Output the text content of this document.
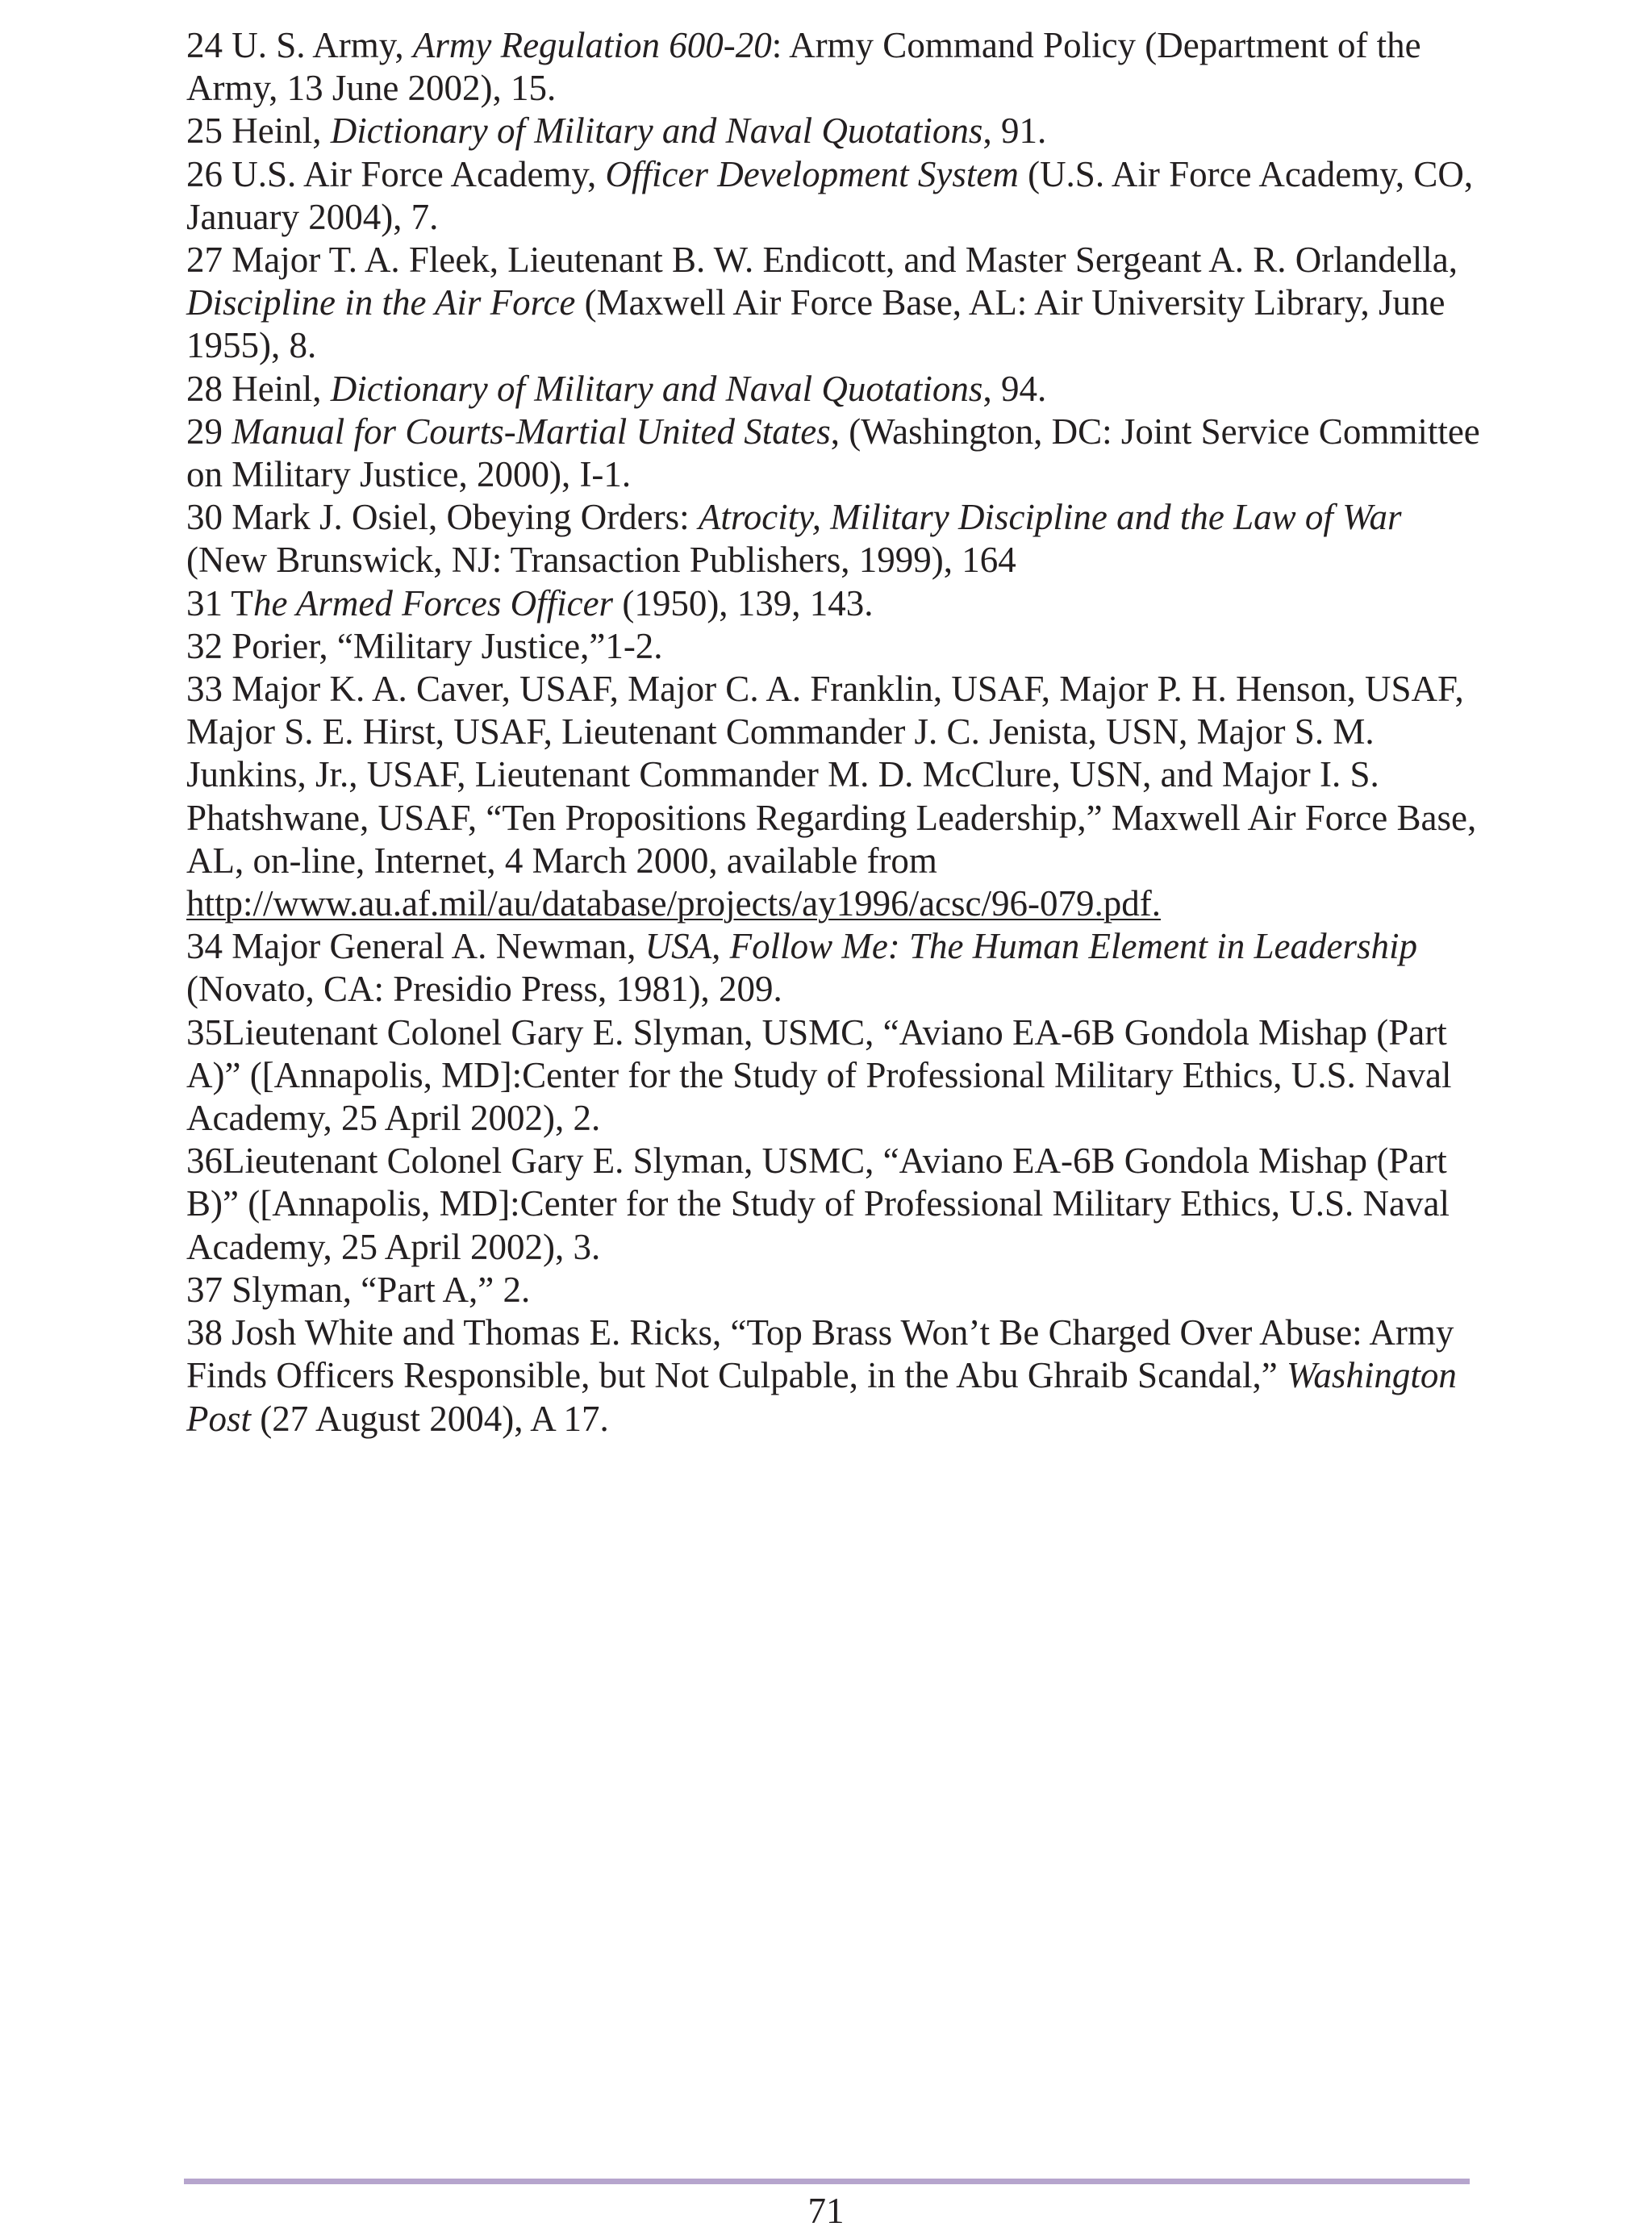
24 U. S. Army, Army Regulation 600-20: Army Command Policy (Department of the Army, 13 June 2002), 15.

25 Heinl, Dictionary of Military and Naval Quotations, 91.

26 U.S. Air Force Academy, Officer Development System (U.S. Air Force Academy, CO, January 2004), 7.

27 Major T. A. Fleek, Lieutenant B. W. Endicott, and Master Sergeant A. R. Orlandella, Discipline in the Air Force (Maxwell Air Force Base, AL: Air University Library, June 1955), 8.

28 Heinl, Dictionary of Military and Naval Quotations, 94.

29 Manual for Courts-Martial United States, (Washington, DC: Joint Service Committee on Military Justice, 2000), I-1.

30 Mark J. Osiel, Obeying Orders: Atrocity, Military Discipline and the Law of War (New Brunswick, NJ: Transaction Publishers, 1999), 164

31 The Armed Forces Officer (1950), 139, 143.

32 Porier, “Military Justice,”1-2.

33 Major K. A. Caver, USAF, Major C. A. Franklin, USAF, Major P. H. Henson, USAF, Major S. E. Hirst, USAF, Lieutenant Commander J. C. Jenista, USN, Major S. M. Junkins, Jr., USAF, Lieutenant Commander M. D. McClure, USN, and Major I. S. Phatshwane, USAF, “Ten Propositions Regarding Leadership,” Maxwell Air Force Base, AL, on-line, Internet, 4 March 2000, available from http://www.au.af.mil/au/database/projects/ay1996/acsc/96-079.pdf.

34 Major General A. Newman, USA, Follow Me: The Human Element in Leadership (Novato, CA: Presidio Press, 1981), 209.

35Lieutenant Colonel Gary E. Slyman, USMC, “Aviano EA-6B Gondola Mishap (Part A)” ([Annapolis, MD]:Center for the Study of Professional Military Ethics, U.S. Naval Academy, 25 April 2002), 2.

36Lieutenant Colonel Gary E. Slyman, USMC, “Aviano EA-6B Gondola Mishap (Part B)” ([Annapolis, MD]:Center for the Study of Professional Military Ethics, U.S. Naval Academy, 25 April 2002), 3.

37 Slyman, “Part A,” 2.

38 Josh White and Thomas E. Ricks, “Top Brass Won’t Be Charged Over Abuse: Army Finds Officers Responsible, but Not Culpable, in the Abu Ghraib Scandal,” Washington Post (27 August 2004), A 17.

71
